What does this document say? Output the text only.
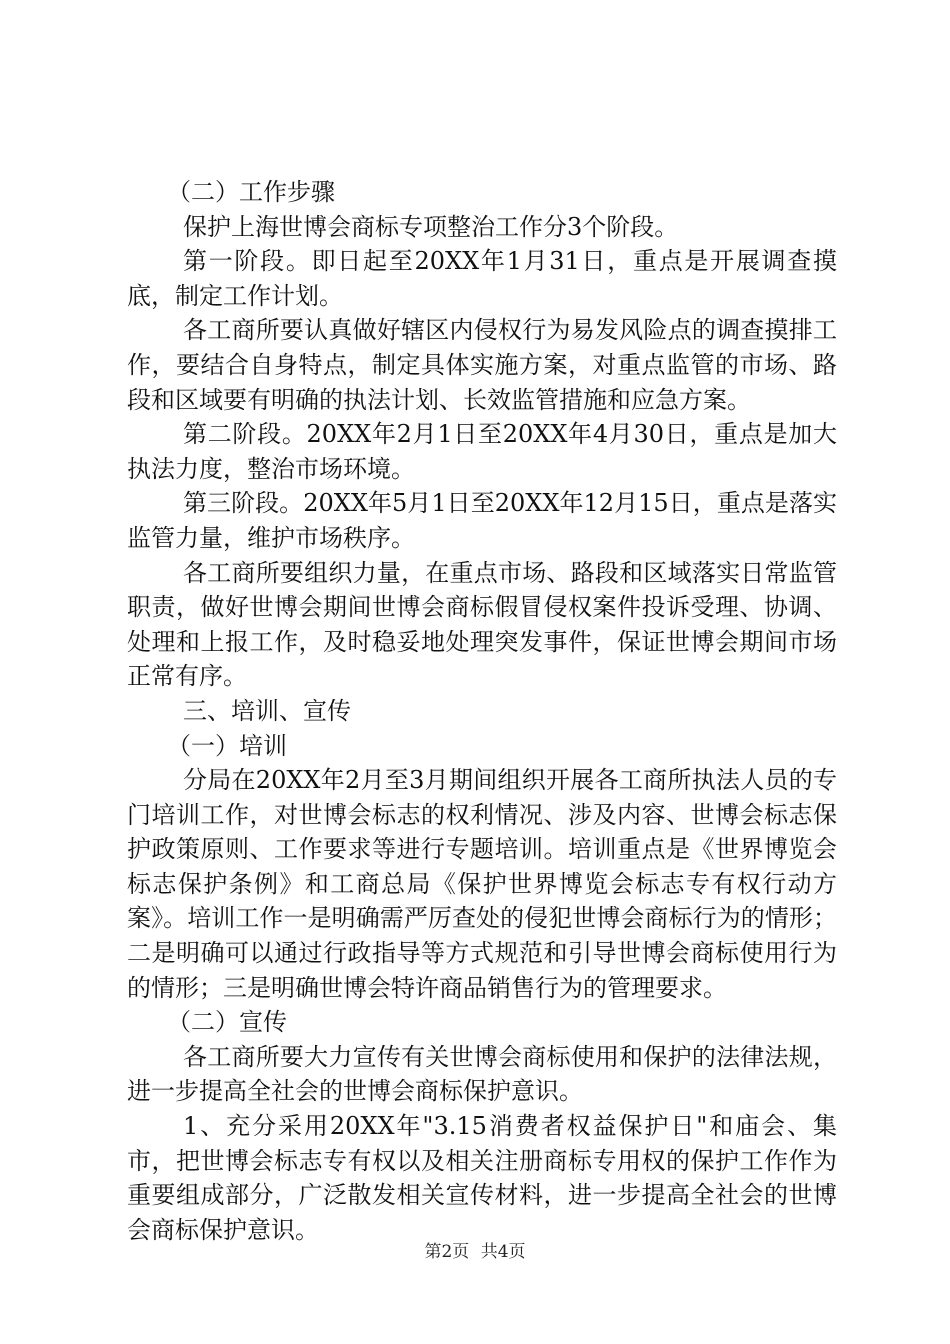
（二）工作步骤

保护上海世博会商标专项整治工作分3个阶段。

第一阶段。即日起至20XX年1月31日，重点是开展调查摸底，制定工作计划。

各工商所要认真做好辖区内侵权行为易发风险点的调查摸排工作，要结合自身特点，制定具体实施方案，对重点监管的市场、路段和区域要有明确的执法计划、长效监管措施和应急方案。

第二阶段。20XX年2月1日至20XX年4月30日，重点是加大执法力度，整治市场环境。

第三阶段。20XX年5月1日至20XX年12月15日，重点是落实监管力量，维护市场秩序。

各工商所要组织力量，在重点市场、路段和区域落实日常监管职责，做好世博会期间世博会商标假冒侵权案件投诉受理、协调、处理和上报工作，及时稳妥地处理突发事件，保证世博会期间市场正常有序。

三、培训、宣传

（一）培训

分局在20XX年2月至3月期间组织开展各工商所执法人员的专门培训工作，对世博会标志的权利情况、涉及内容、世博会标志保护政策原则、工作要求等进行专题培训。培训重点是《世界博览会标志保护条例》和工商总局《保护世界博览会标志专有权行动方案》。培训工作一是明确需严厉查处的侵犯世博会商标行为的情形；二是明确可以通过行政指导等方式规范和引导世博会商标使用行为的情形；三是明确世博会特许商品销售行为的管理要求。

（二）宣传

各工商所要大力宣传有关世博会商标使用和保护的法律法规，进一步提高全社会的世博会商标保护意识。

1、充分采用20XX年"3.15消费者权益保护日"和庙会、集市，把世博会标志专有权以及相关注册商标专用权的保护工作作为重要组成部分，广泛散发相关宣传材料，进一步提高全社会的世博会商标保护意识。

第2页 共4页
